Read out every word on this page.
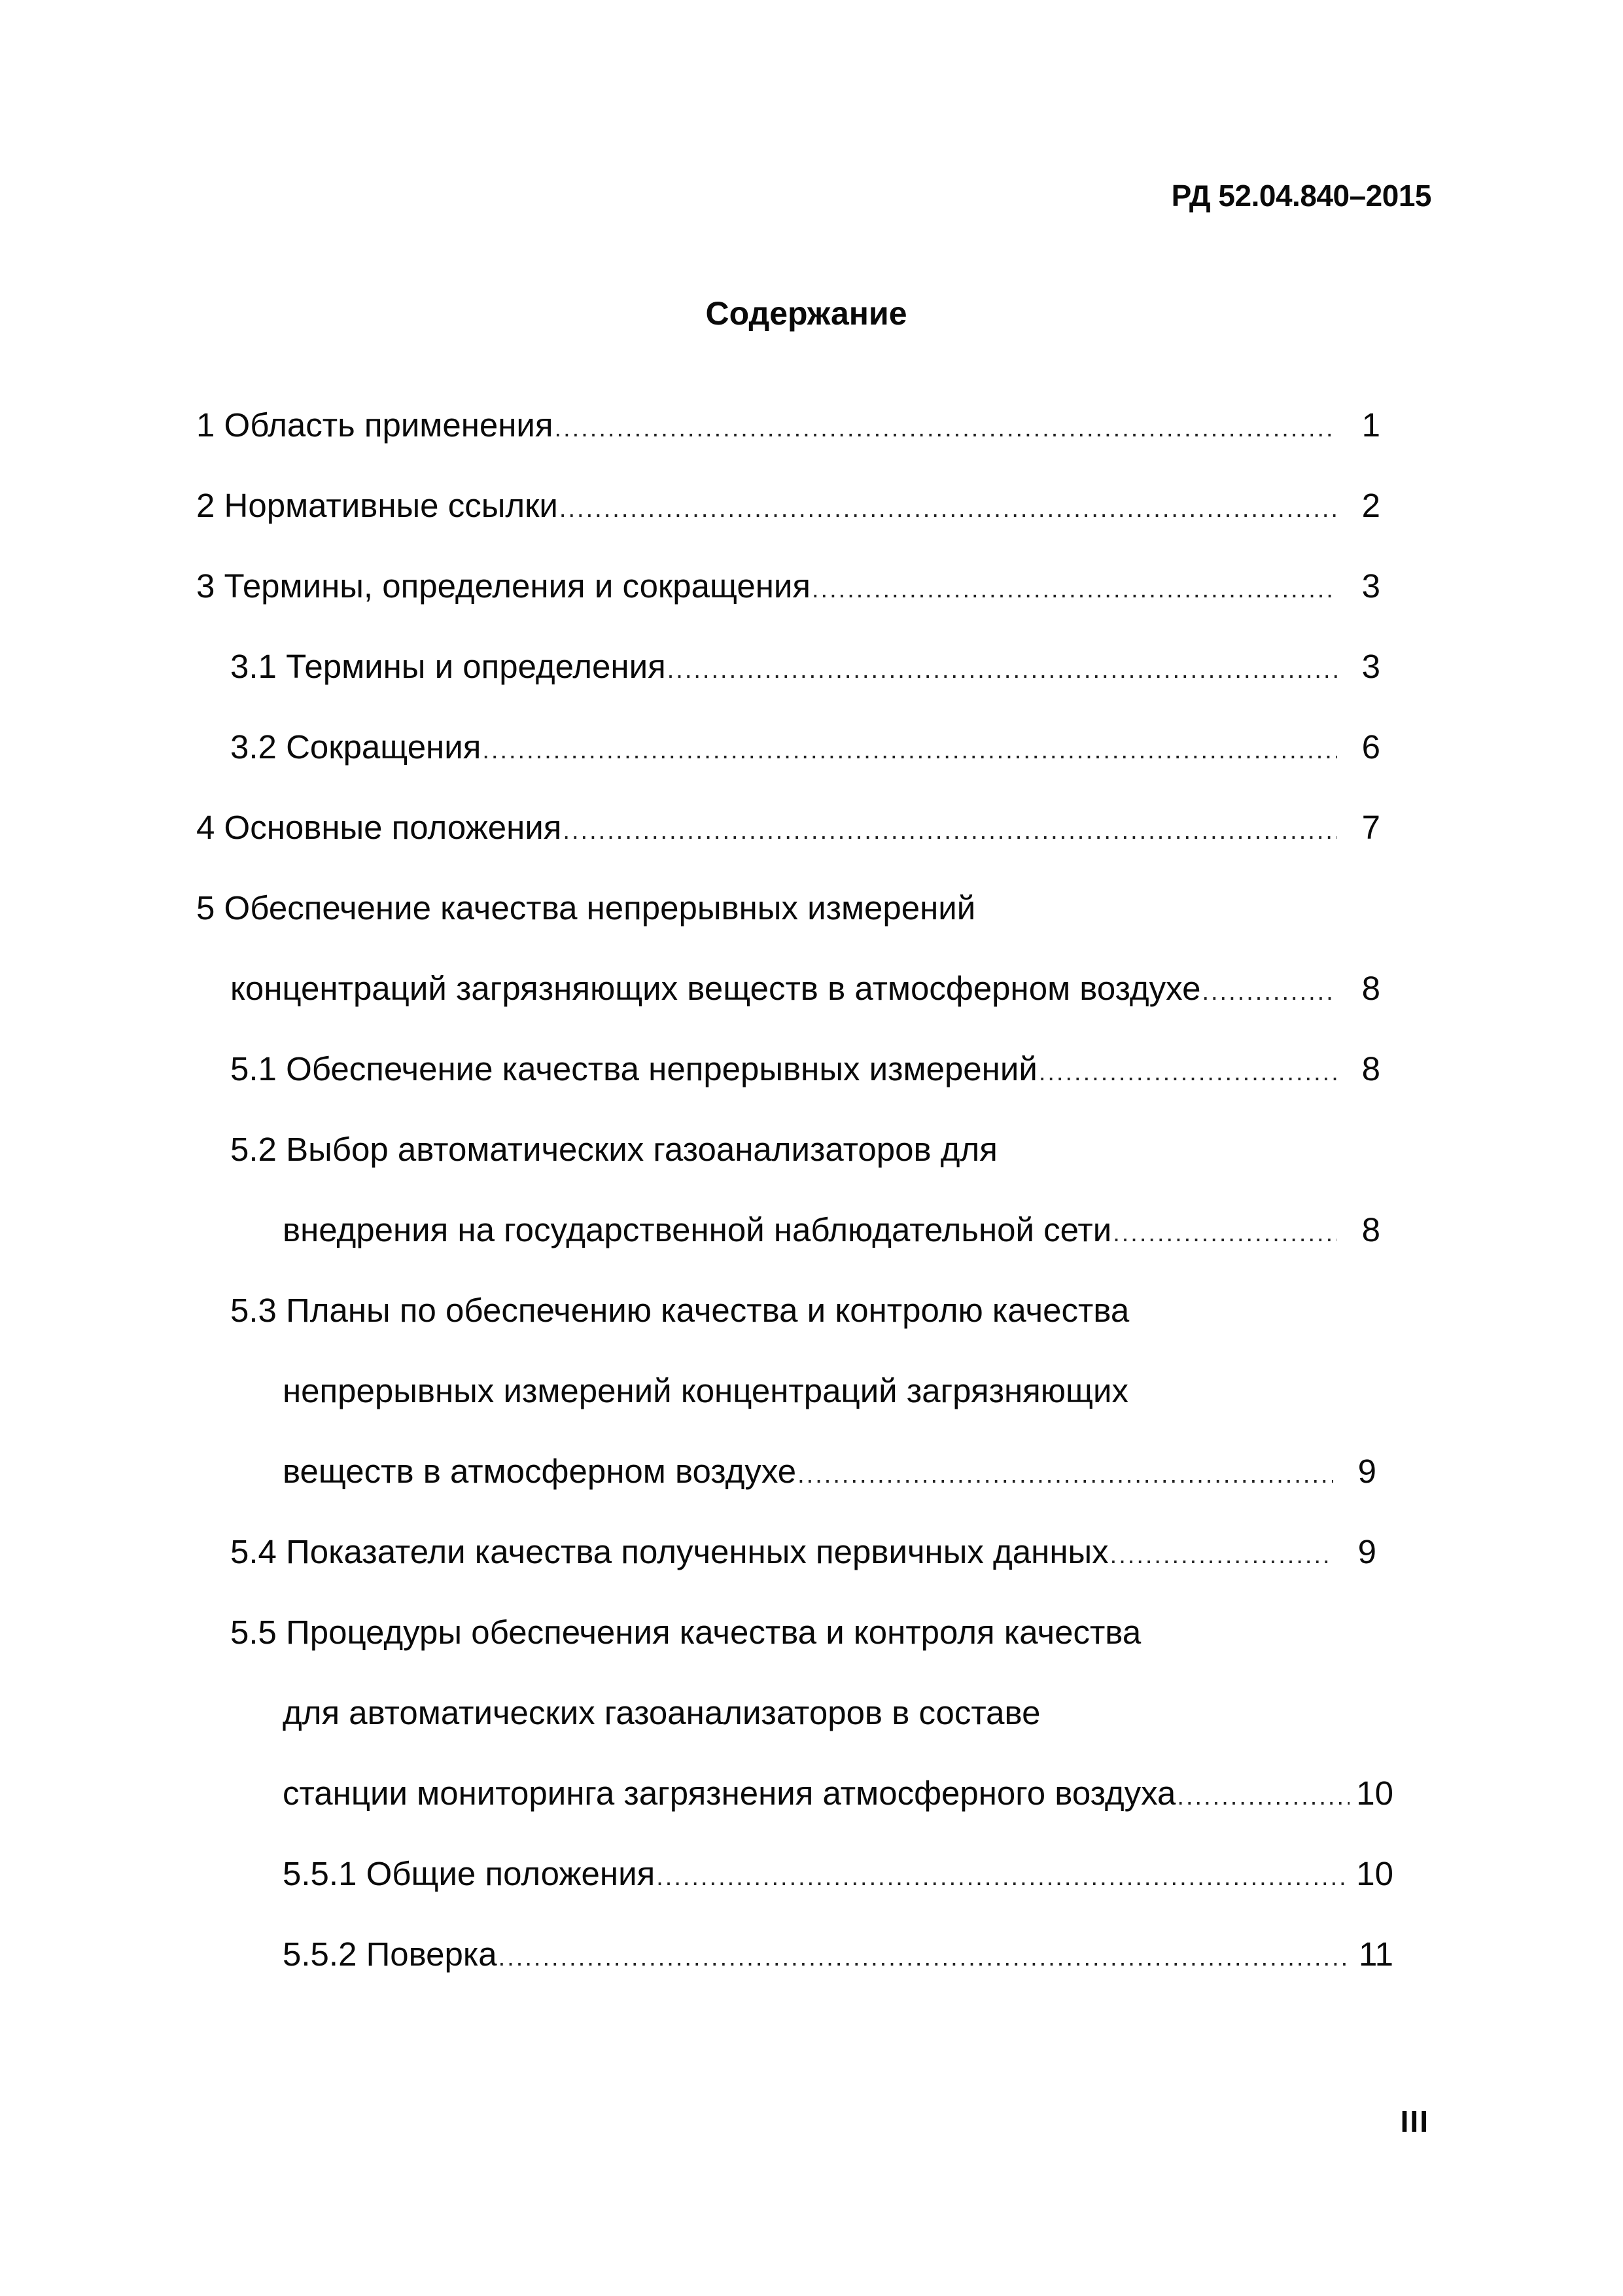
РД 52.04.840–2015
Содержание
1 Область применения .....	1
2 Нормативные ссылки .....	2
3 Термины, определения и сокращения .....	3
3.1 Термины и определения .....	3
3.2 Сокращения .....	6
4 Основные положения .....	7
5 Обеспечение качества непрерывных измерений
концентраций загрязняющих веществ в атмосферном воздухе .....	8
5.1 Обеспечение качества непрерывных измерений .....	8
5.2 Выбор автоматических газоанализаторов для
внедрения на государственной наблюдательной сети .....	8
5.3 Планы по обеспечению качества и контролю качества
непрерывных измерений концентраций загрязняющих
веществ в атмосферном воздухе .....	9
5.4 Показатели качества полученных первичных данных .....	9
5.5 Процедуры обеспечения качества и контроля качества
для автоматических газоанализаторов в составе
станции мониторинга загрязнения атмосферного воздуха .....	10
5.5.1 Общие положения .....	10
5.5.2 Поверка .....	11
III
